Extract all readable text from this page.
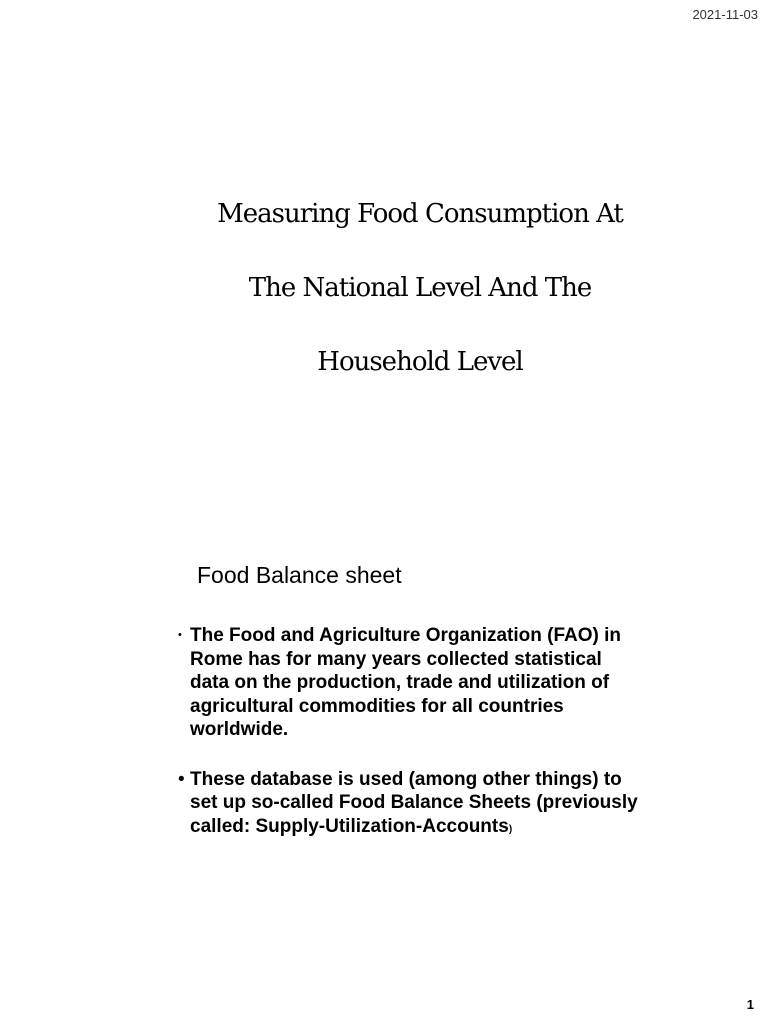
2021-11-03

Measuring Food Consumption At

The National Level And The

Household Level

Food Balance sheet
• The Food and Agriculture Organization (FAO) in Rome has for many years collected statistical data on the production, trade and utilization of agricultural commodities for all countries worldwide.
• These database is used (among other things) to set up so-called Food Balance Sheets (previously called: Supply-Utilization-Accounts)
1
